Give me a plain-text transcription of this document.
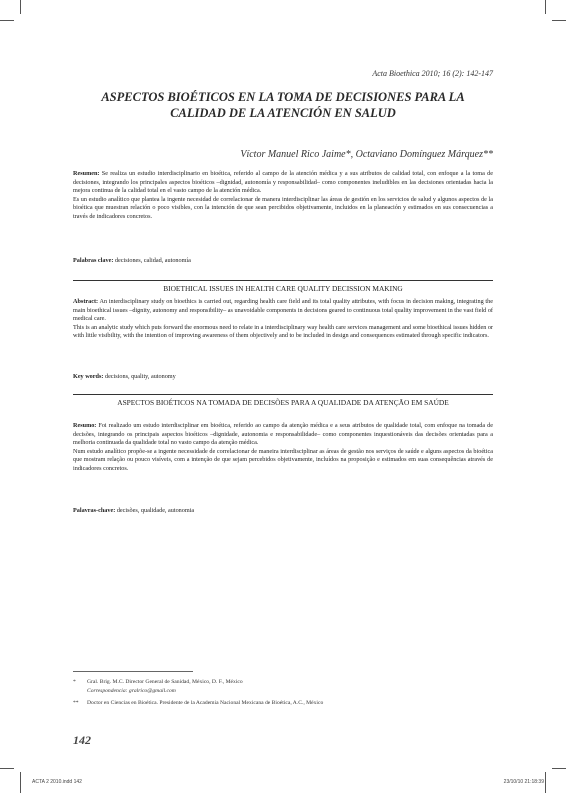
Acta Bioethica 2010; 16 (2): 142-147
ASPECTOS BIOÉTICOS EN LA TOMA DE DECISIONES PARA LA CALIDAD DE LA ATENCIÓN EN SALUD
Víctor Manuel Rico Jaime*, Octaviano Domínguez Márquez**

Resumen: Se realiza un estudio interdisciplinario en bioética, referido al campo de la atención médica y a sus atributos de calidad total, con enfoque a la toma de decisiones, integrando los principales aspectos bioéticos –dignidad, autonomía y responsabilidad– como componentes ineludibles en las decisiones orientadas hacia la mejora continua de la calidad total en el vasto campo de la atención médica.

Es un estudio analítico que plantea la ingente necesidad de correlacionar de manera interdisciplinar las áreas de gestión en los servicios de salud y algunos aspectos de la bioética que muestran relación o poco visibles, con la intención de que sean percibidos objetivamente, incluidos en la planeación y estimados en sus consecuencias a través de indicadores concretos.

Palabras clave: decisiones, calidad, autonomía
BIOETHICAL ISSUES IN HEALTH CARE QUALITY DECISSION MAKING

Abstract: An interdisciplinary study on bioethics is carried out, regarding health care field and its total quality attributes, with focus in decision making, integrating the main bioethical issues –dignity, autonomy and responsibility– as unavoidable components in decisions geared to continuous total quality improvement in the vast field of medical care.

This is an analytic study which puts forward the enormous need to relate in a interdisciplinary way health care services management and some bioethical issues hidden or with little visibility, with the intention of improving awareness of them objectively and to be included in design and consequences estimated through specific indicators.

Key words: decisions, quality, autonomy
ASPECTOS BIOÉTICOS NA TOMADA DE DECISÕES PARA A QUALIDADE DA ATENÇÃO EM SAÚDE

Resumo: Foi realizado um estudo interdisciplinar em bioética, referido ao campo da atenção médica e a seus atributos de qualidade total, com enfoque na tomada de decisões, integrando os principais aspectos bioéticos –dignidade, autonomia e responsabilidade– como componentes inquestionáveis das decisões orientadas para a melhoria continuada da qualidade total no vasto campo da atenção médica.

Num estudo analítico propõe-se a ingente necessidade de correlacionar de maneira interdisciplinar as áreas de gestão nos serviços de saúde e alguns aspectos da bioética que mostram relação ou pouco visíveis, com a intenção de que sejam percebidos objetivamente, incluídos na proposição e estimados em suas consequências através de indicadores concretos.

Palavras-chave: decisões, qualidade, autonomia
* Gral. Brig. M.C. Director General de Sanidad, México, D. F., México
Correspondencia: gralrico@gmail.com
** Doctor en Ciencias en Bioética. Presidente de la Academia Nacional Mexicana de Bioética, A.C., México
142
ACTA 2 2010.indd 142	23/10/10 21:18:39
